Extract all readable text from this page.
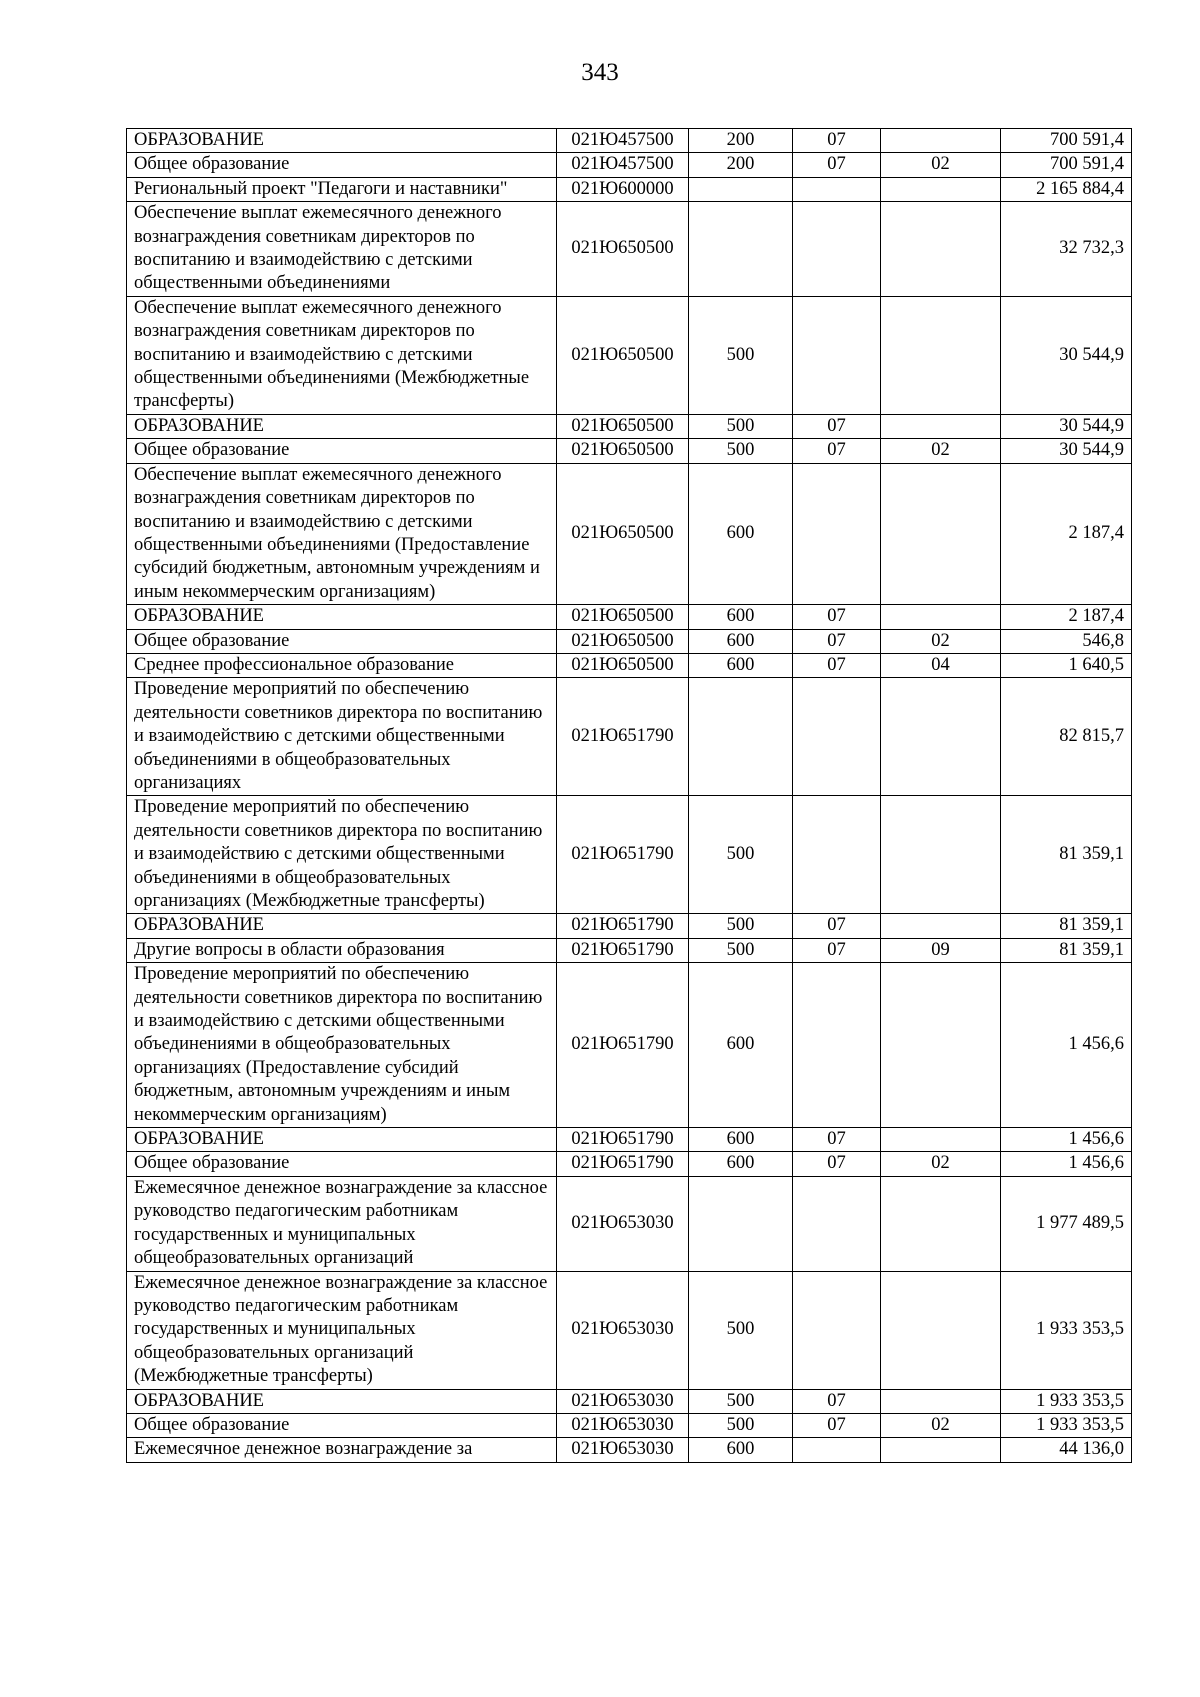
343
ОБРАЗОВАНИЕ	021Ю457500	200	07		700 591,4
Общее образование	021Ю457500	200	07	02	700 591,4
Региональный проект "Педагоги и наставники"	021Ю600000				2 165 884,4
Обеспечение выплат ежемесячного денежного вознаграждения советникам директоров по воспитанию и взаимодействию с детскими общественными объединениями	021Ю650500				32 732,3
Обеспечение выплат ежемесячного денежного вознаграждения советникам директоров по воспитанию и взаимодействию с детскими общественными объединениями (Межбюджетные трансферты)	021Ю650500	500			30 544,9
ОБРАЗОВАНИЕ	021Ю650500	500	07		30 544,9
Общее образование	021Ю650500	500	07	02	30 544,9
Обеспечение выплат ежемесячного денежного вознаграждения советникам директоров по воспитанию и взаимодействию с детскими общественными объединениями (Предоставление субсидий бюджетным, автономным учреждениям и иным некоммерческим организациям)	021Ю650500	600			2 187,4
ОБРАЗОВАНИЕ	021Ю650500	600	07		2 187,4
Общее образование	021Ю650500	600	07	02	546,8
Среднее профессиональное образование	021Ю650500	600	07	04	1 640,5
Проведение мероприятий по обеспечению деятельности советников директора по воспитанию и взаимодействию с детскими общественными объединениями в общеобразовательных организациях	021Ю651790				82 815,7
Проведение мероприятий по обеспечению деятельности советников директора по воспитанию и взаимодействию с детскими общественными объединениями в общеобразовательных организациях (Межбюджетные трансферты)	021Ю651790	500			81 359,1
ОБРАЗОВАНИЕ	021Ю651790	500	07		81 359,1
Другие вопросы в области образования	021Ю651790	500	07	09	81 359,1
Проведение мероприятий по обеспечению деятельности советников директора по воспитанию и взаимодействию с детскими общественными объединениями в общеобразовательных организациях (Предоставление субсидий бюджетным, автономным учреждениям и иным некоммерческим организациям)	021Ю651790	600			1 456,6
ОБРАЗОВАНИЕ	021Ю651790	600	07		1 456,6
Общее образование	021Ю651790	600	07	02	1 456,6
Ежемесячное денежное вознаграждение за классное руководство педагогическим работникам государственных и муниципальных общеобразовательных организаций	021Ю653030				1 977 489,5
Ежемесячное денежное вознаграждение за классное руководство педагогическим работникам государственных и муниципальных общеобразовательных организаций (Межбюджетные трансферты)	021Ю653030	500			1 933 353,5
ОБРАЗОВАНИЕ	021Ю653030	500	07		1 933 353,5
Общее образование	021Ю653030	500	07	02	1 933 353,5
Ежемесячное денежное вознаграждение за	021Ю653030	600			44 136,0
